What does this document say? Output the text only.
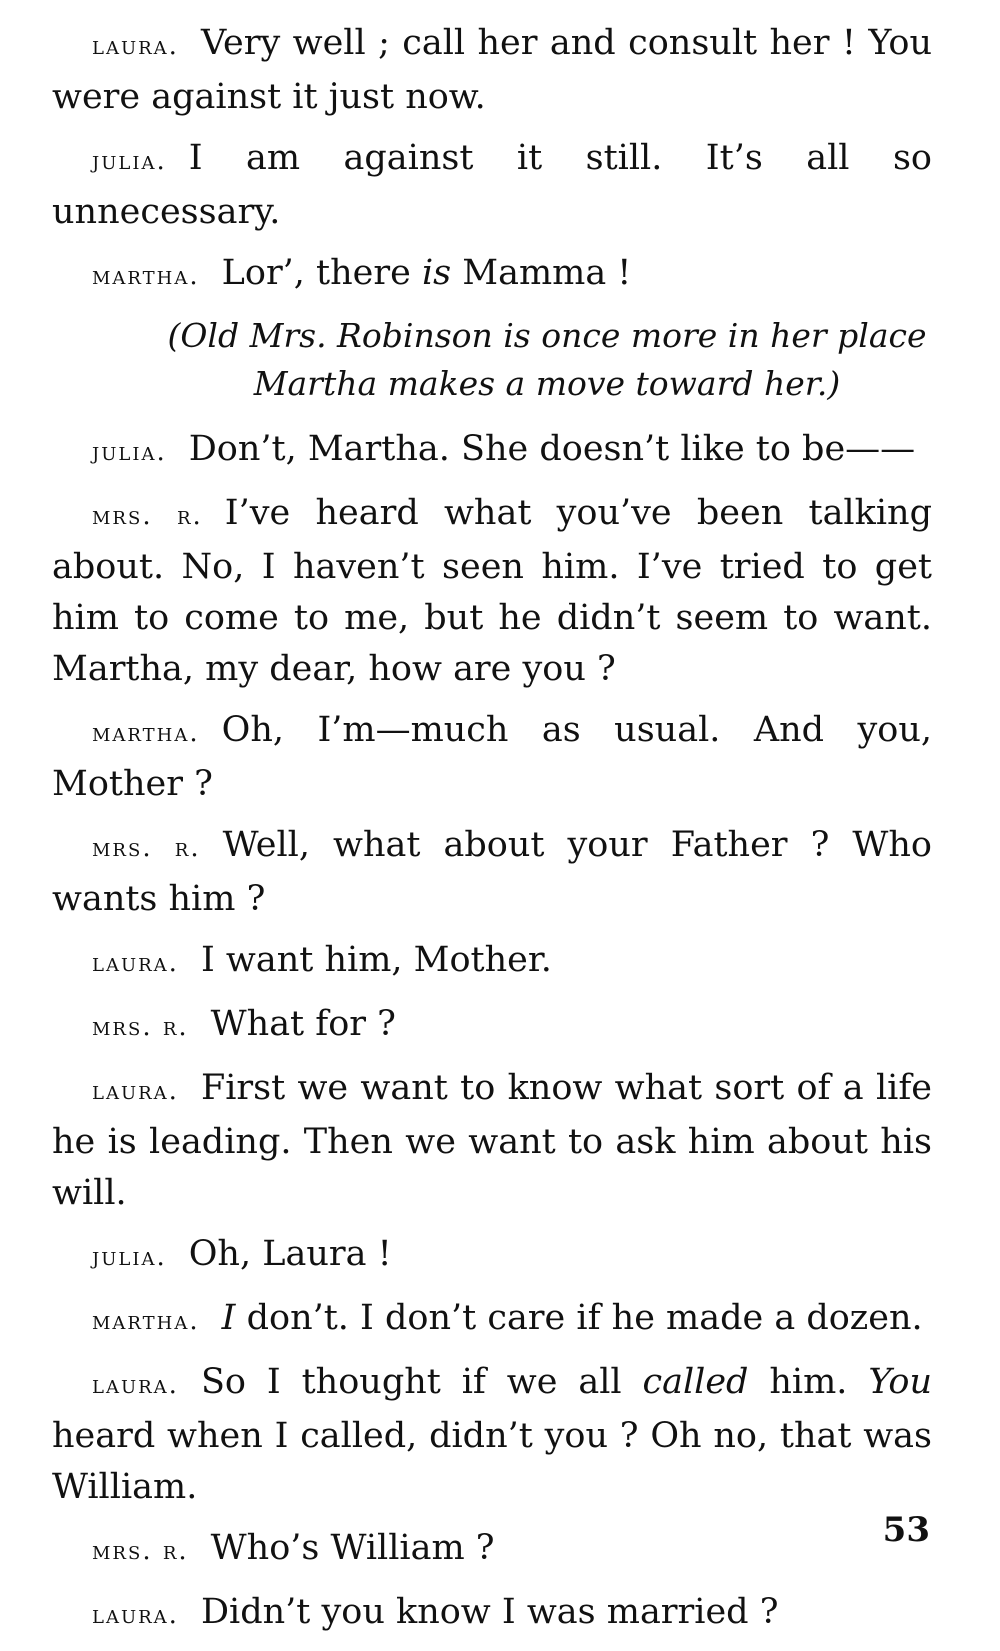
laura. Very well ; call her and consult her ! You were against it just now.

julia. I am against it still. It’s all so unnecessary.

martha. Lor’, there is Mamma !

(Old Mrs. Robinson is once more in her place Martha makes a move toward her.)

julia. Don’t, Martha. She doesn’t like to be——

mrs. r. I’ve heard what you’ve been talking about. No, I haven’t seen him. I’ve tried to get him to come to me, but he didn’t seem to want. Martha, my dear, how are you ?

martha. Oh, I’m—much as usual. And you, Mother ?

mrs. r. Well, what about your Father ? Who wants him ?

laura. I want him, Mother.

mrs. r. What for ?

laura. First we want to know what sort of a life he is leading. Then we want to ask him about his will.

julia. Oh, Laura !

martha. I don’t. I don’t care if he made a dozen.

laura. So I thought if we all called him. You heard when I called, didn’t you ? Oh no, that was William.

mrs. r. Who’s William ?

laura. Didn’t you know I was married ?

53
